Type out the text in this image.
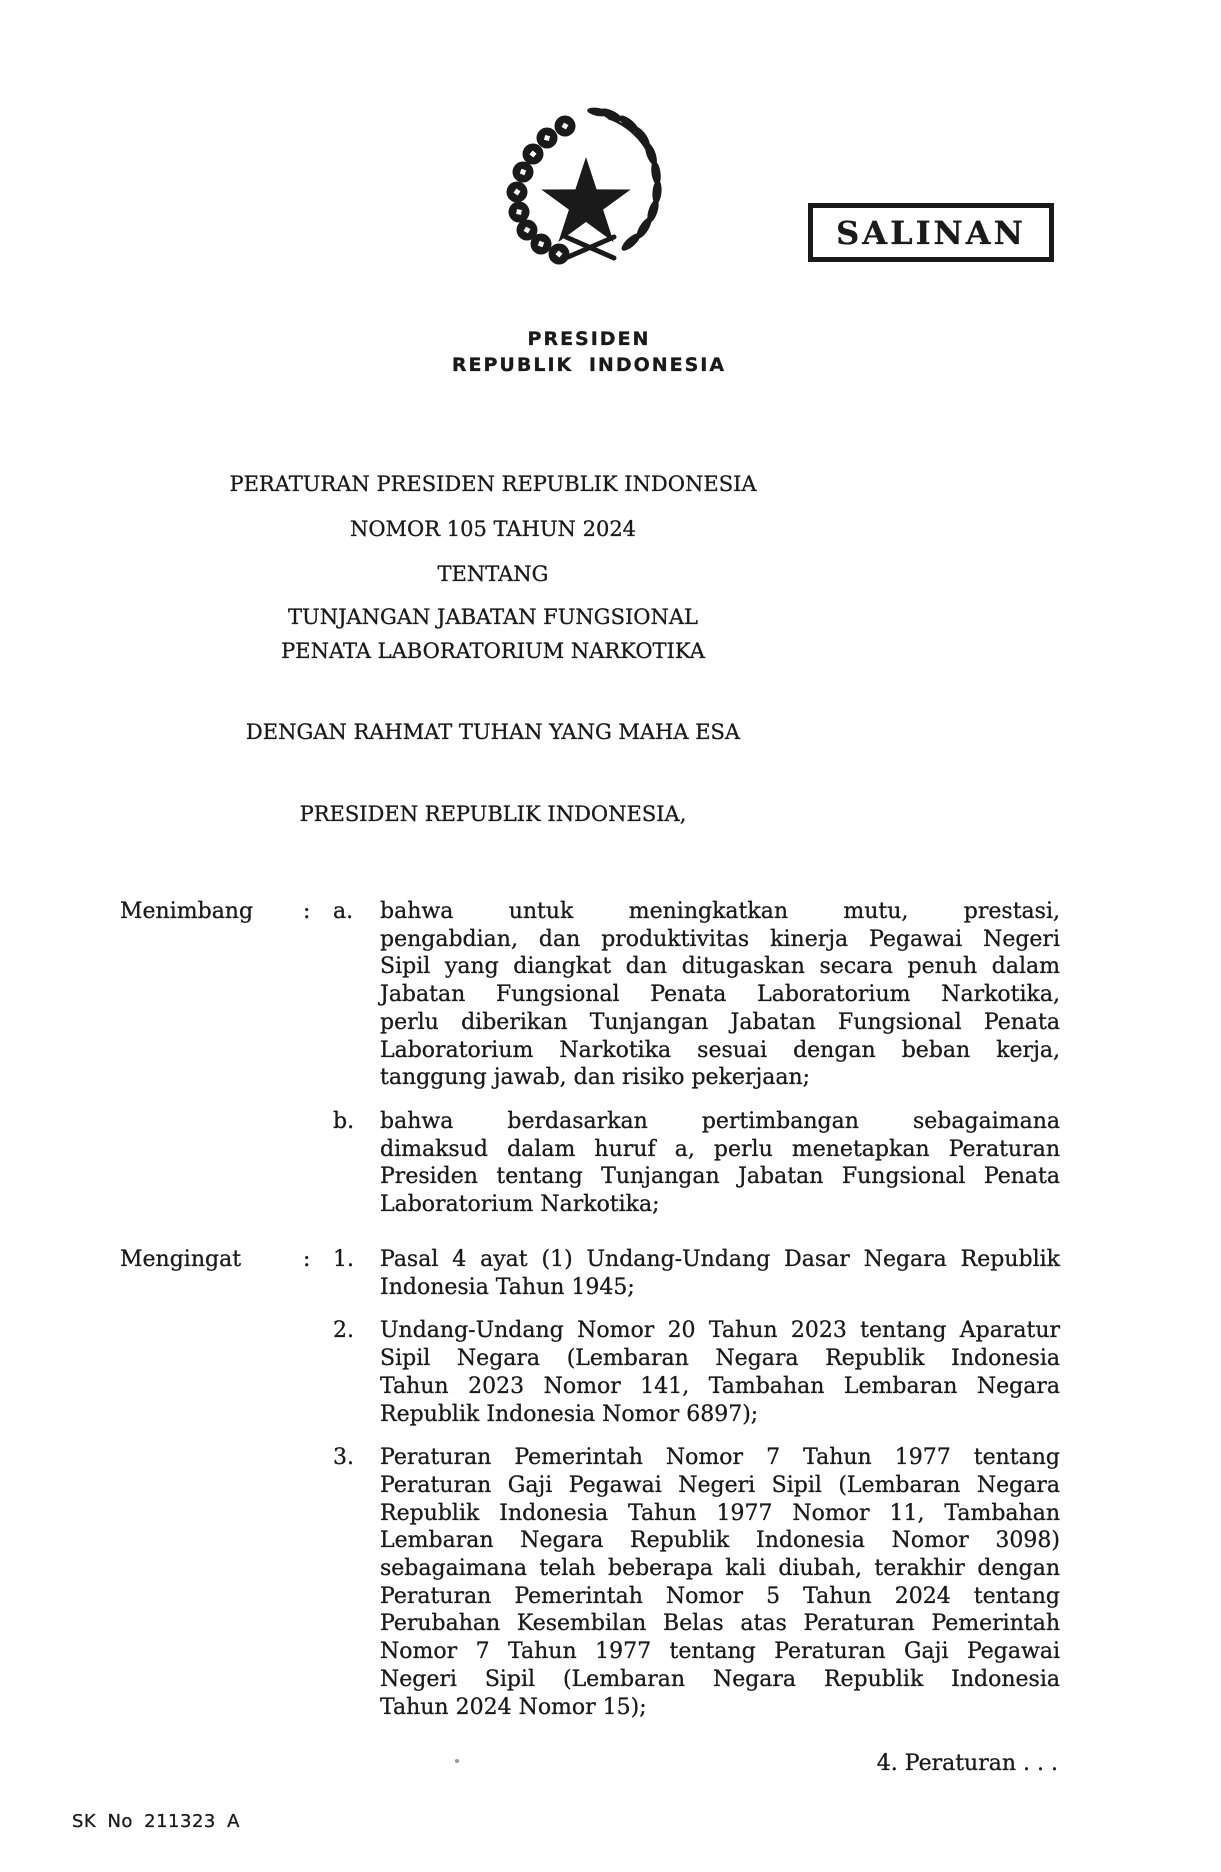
PRESIDEN
REPUBLIK INDONESIA
SALINAN
PERATURAN PRESIDEN REPUBLIK INDONESIA
NOMOR 105 TAHUN 2024
TENTANG
TUNJANGAN JABATAN FUNGSIONAL
PENATA LABORATORIUM NARKOTIKA
DENGAN RAHMAT TUHAN YANG MAHA ESA
PRESIDEN REPUBLIK INDONESIA,
Menimbang : a. bahwa untuk meningkatkan mutu, prestasi,
pengabdian, dan produktivitas kinerja Pegawai Negeri
Sipil yang diangkat dan ditugaskan secara penuh dalam
Jabatan Fungsional Penata Laboratorium Narkotika,
perlu diberikan Tunjangan Jabatan Fungsional Penata
Laboratorium Narkotika sesuai dengan beban kerja,
tanggung jawab, dan risiko pekerjaan;
b. bahwa berdasarkan pertimbangan sebagaimana
dimaksud dalam huruf a, perlu menetapkan Peraturan
Presiden tentang Tunjangan Jabatan Fungsional Penata
Laboratorium Narkotika;
Mengingat	: 1. Pasal 4 ayat (1) Undang-Undang Dasar Negara Republik
Indonesia Tahun 1945;
2. Undang-Undang Nomor 20 Tahun 2023 tentang Aparatur
Sipil Negara (Lembaran Negara Republik Indonesia
Tahun 2023 Nomor 141, Tambahan Lembaran Negara
Republik Indonesia Nomor 6897);
3. Peraturan Pemerintah Nomor 7 Tahun 1977 tentang
Peraturan Gaji Pegawai Negeri Sipil (Lembaran Negara
Republik Indonesia Tahun 1977 Nomor 11, Tambahan
Lembaran Negara Republik Indonesia Nomor 3098)
sebagaimana telah beberapa kali diubah, terakhir dengan
Peraturan Pemerintah Nomor 5 Tahun 2024 tentang
Perubahan Kesembilan Belas atas Peraturan Pemerintah
Nomor 7 Tahun 1977 tentang Peraturan Gaji Pegawai
Negeri Sipil (Lembaran Negara Republik Indonesia
Tahun 2024 Nomor 15);
4. Peraturan . . .
SK No 211323 A
